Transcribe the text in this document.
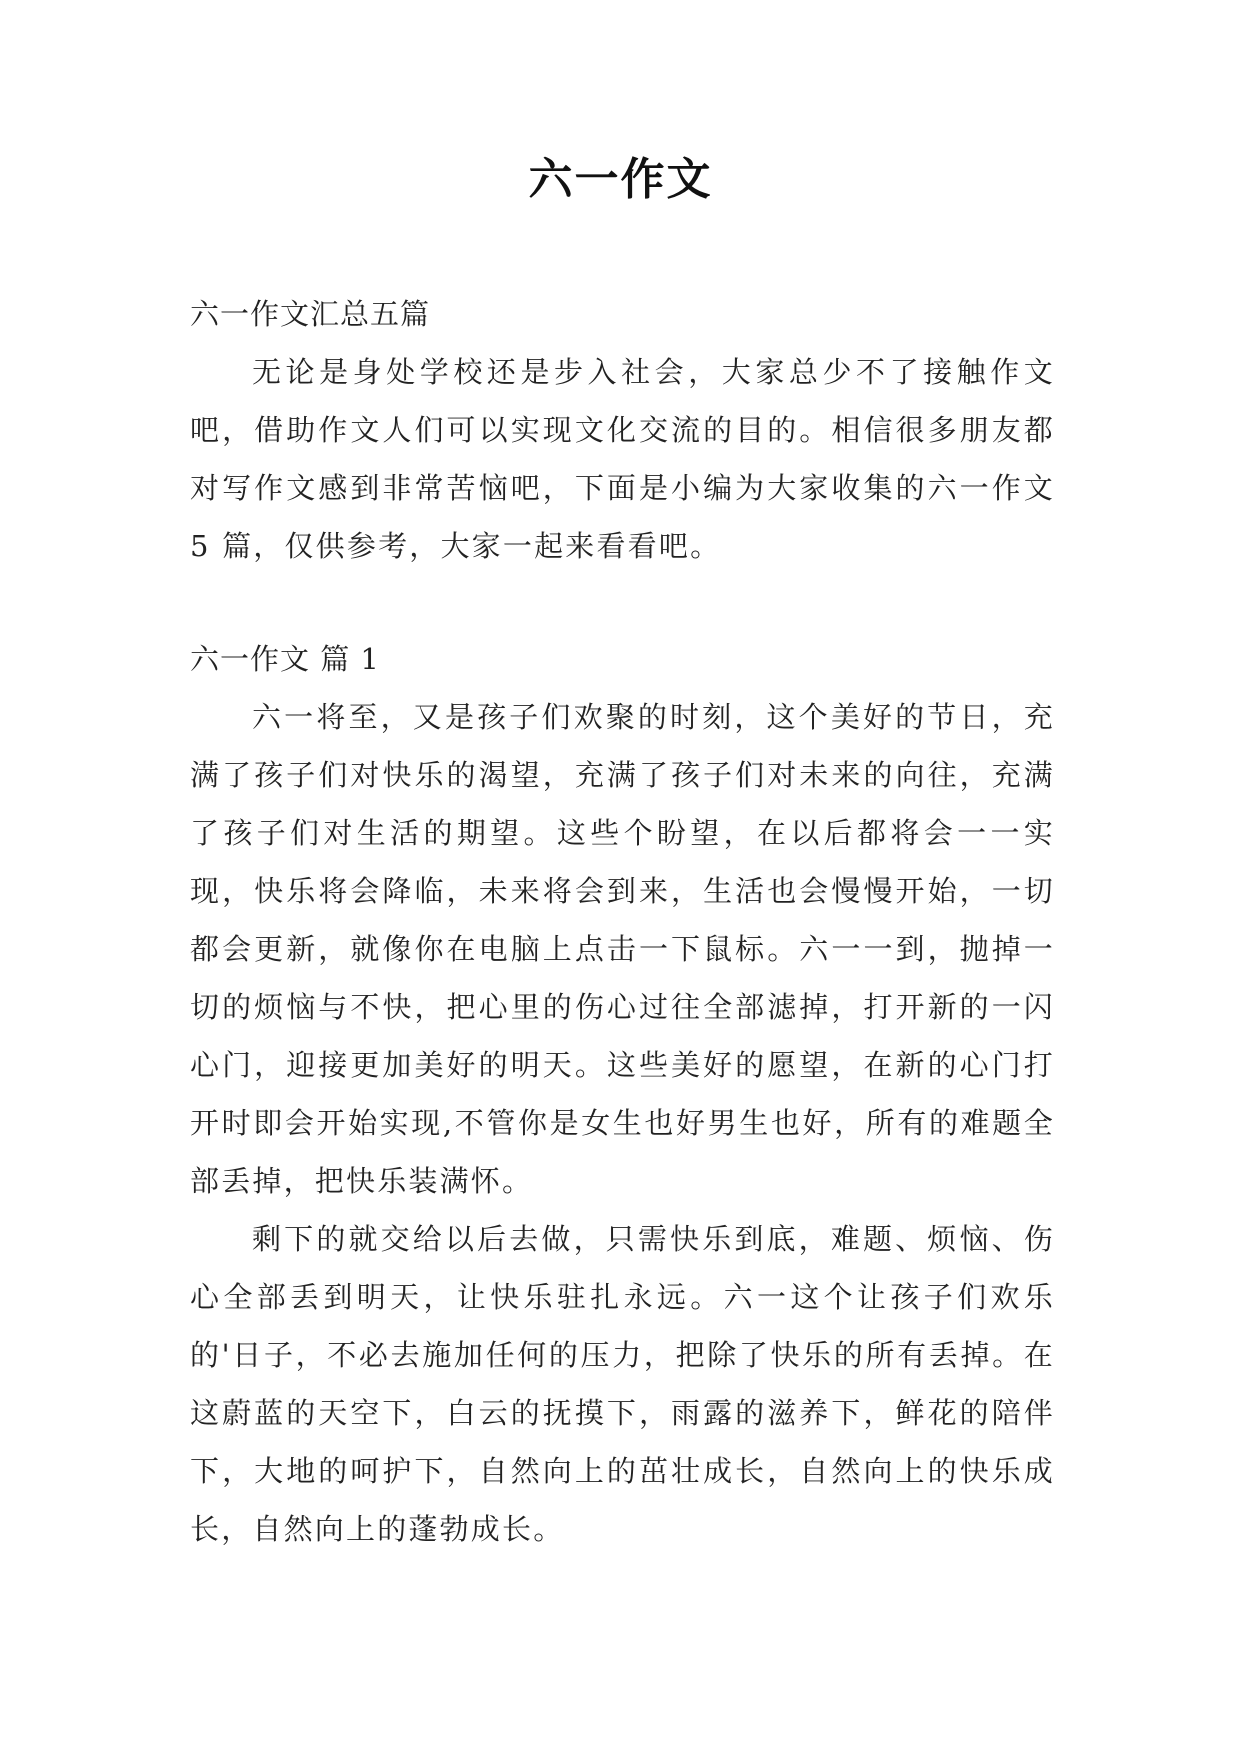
六一作文

六一作文汇总五篇

无论是身处学校还是步入社会，大家总少不了接触作文吧，借助作文人们可以实现文化交流的目的。相信很多朋友都对写作文感到非常苦恼吧，下面是小编为大家收集的六一作文 5 篇，仅供参考，大家一起来看看吧。

六一作文 篇 1

六一将至，又是孩子们欢聚的时刻，这个美好的节日，充满了孩子们对快乐的渴望，充满了孩子们对未来的向往，充满了孩子们对生活的期望。这些个盼望，在以后都将会一一实现，快乐将会降临，未来将会到来，生活也会慢慢开始，一切都会更新，就像你在电脑上点击一下鼠标。六一一到，抛掉一切的烦恼与不快，把心里的伤心过往全部滤掉，打开新的一闪心门，迎接更加美好的明天。这些美好的愿望，在新的心门打开时即会开始实现,不管你是女生也好男生也好，所有的难题全部丢掉，把快乐装满怀。

剩下的就交给以后去做，只需快乐到底，难题、烦恼、伤心全部丢到明天，让快乐驻扎永远。六一这个让孩子们欢乐的'日子，不必去施加任何的压力，把除了快乐的所有丢掉。在这蔚蓝的天空下，白云的抚摸下，雨露的滋养下，鲜花的陪伴下，大地的呵护下，自然向上的茁壮成长，自然向上的快乐成长，自然向上的蓬勃成长。
